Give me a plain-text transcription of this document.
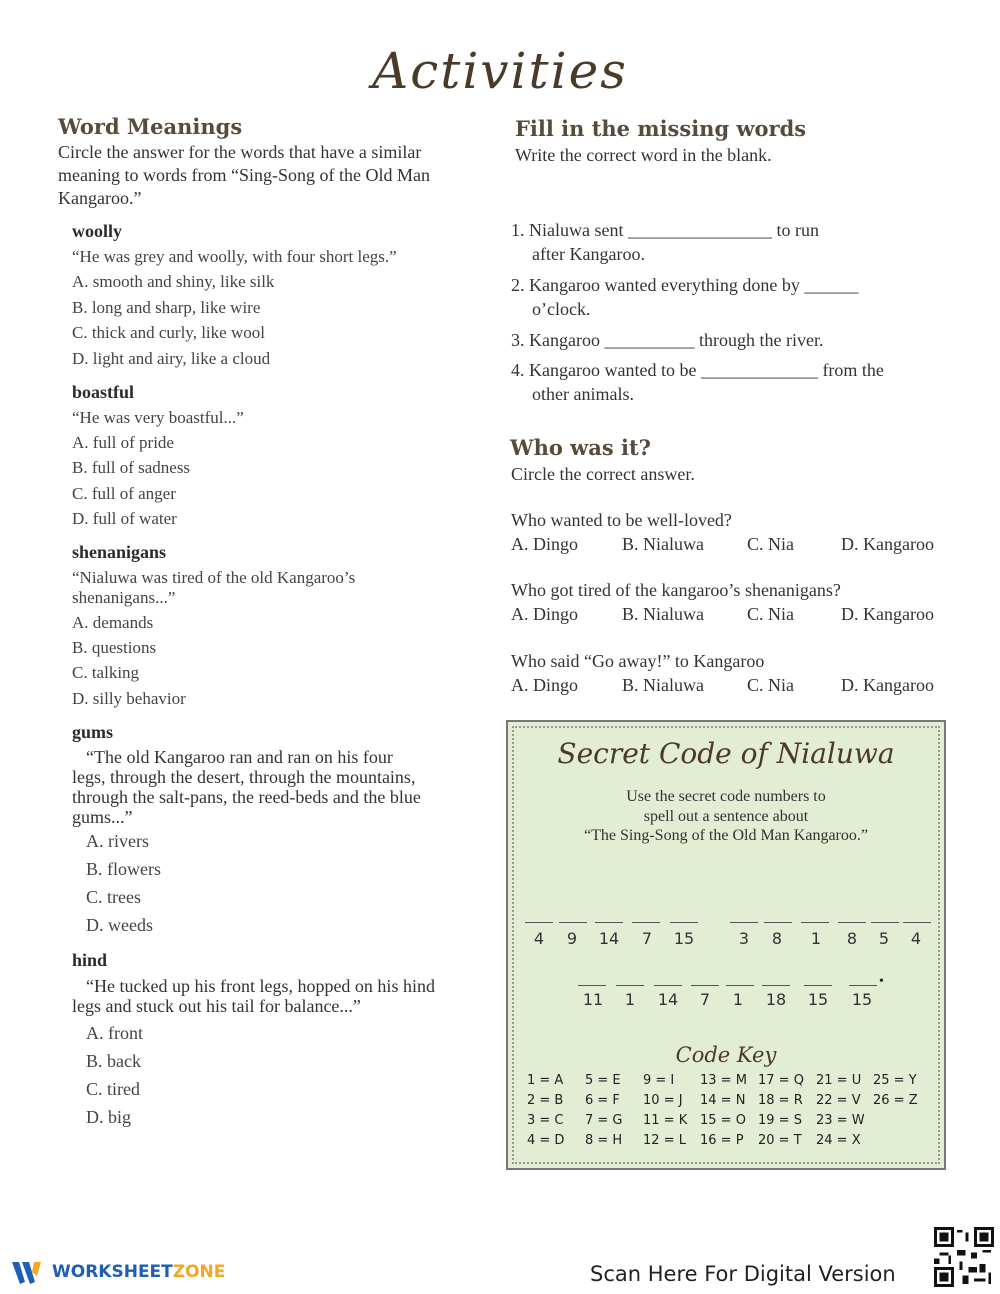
Activities
Word Meanings
Circle the answer for the words that have a similar
meaning to words from “Sing-Song of the Old Man
Kangaroo.”
woolly
“He was grey and woolly, with four short legs.”
A. smooth and shiny, like silk
B. long and sharp, like wire
C. thick and curly, like wool
D. light and airy, like a cloud
boastful
“He was very boastful...”
A. full of pride
B. full of sadness
C. full of anger
D. full of water
shenanigans
“Nialuwa was tired of the old Kangaroo’s
shenanigans...”
A. demands
B. questions
C. talking
D. silly behavior
gums
“The old Kangaroo ran and ran on his four
legs, through the desert, through the mountains,
through the salt-pans, the reed-beds and the blue
gums...”
A. rivers
B. flowers
C. trees
D. weeds
hind
“He tucked up his front legs, hopped on his hind
legs and stuck out his tail for balance...”
A. front
B. back
C. tired
D. big
Fill in the missing words
Write the correct word in the blank.
1. Nialuwa sent ________________ to run
after Kangaroo.
2. Kangaroo wanted everything done by ______
o’clock.
3. Kangaroo __________ through the river.
4. Kangaroo wanted to be _____________ from the
other animals.
Who was it?
Circle the correct answer.
Who wanted to be well-loved?
A. Dingo B. Nialuwa C. Nia	D. Kangaroo
Who got tired of the kangaroo’s shenanigans?
A. Dingo B. Nialuwa C. Nia	D. Kangaroo
Who said “Go away!” to Kangaroo
A. Dingo B. Nialuwa C. Nia	D. Kangaroo
Secret Code of Nialuwa
Use the secret code numbers to
spell out a sentence about
“The Sing-Song of the Old Man Kangaroo.”
4	9	14	7	15	3	8	1	8	5	4
11	1	14	7	1	18	15	15
•
Code Key
1 = A 5 = E 9 = I 13 = M 17 = Q 21 = U 25 = Y
2 = B 6 = F 10 = J 14 = N 18 = R 22 = V 26 = Z
3 = C 7 = G 11 = K 15 = O 19 = S 23 = W
4 = D 8 = H 12 = L 16 = P 20 = T 24 = X
WORKSHEETZONE	Scan Here For Digital Version
